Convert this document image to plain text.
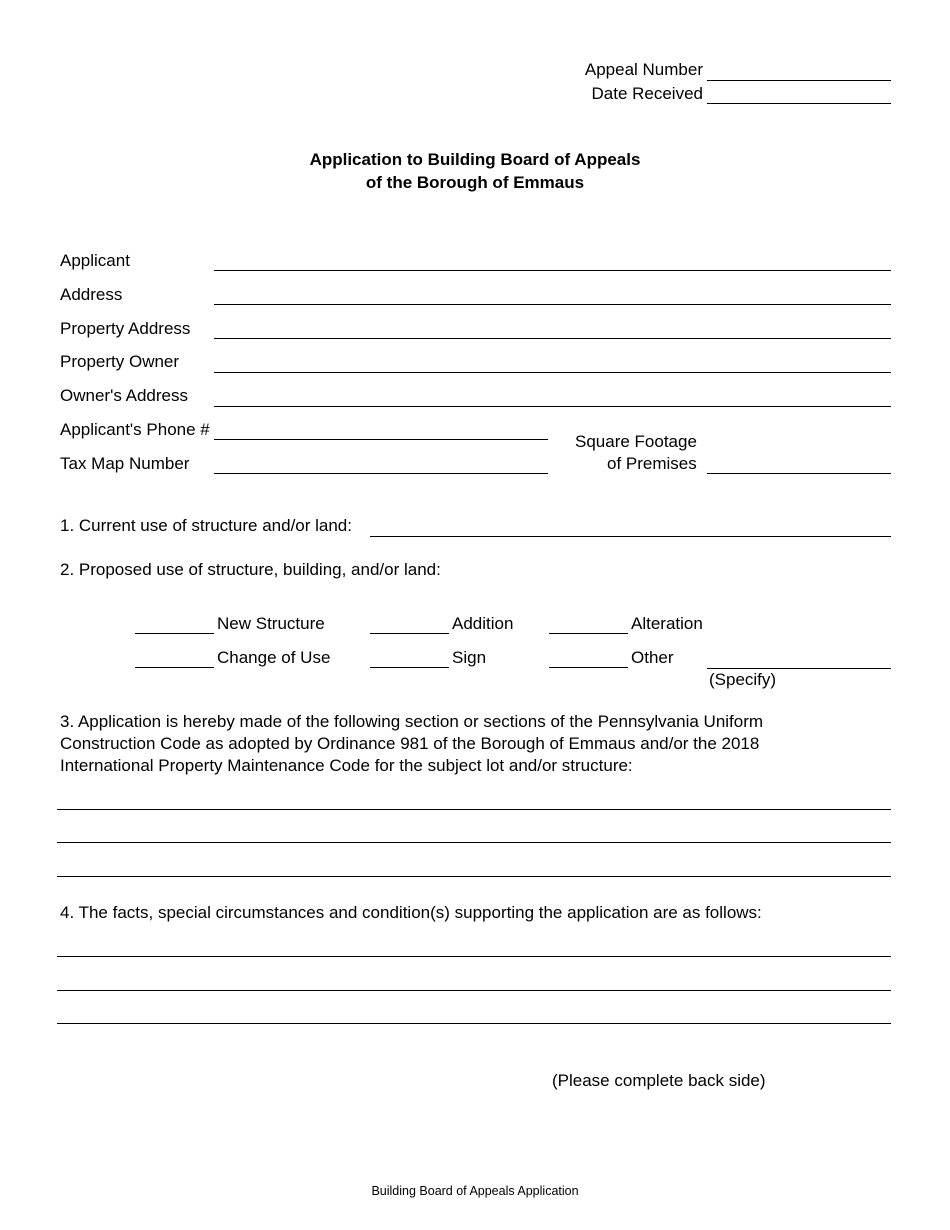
Appeal Number
Date Received
Application to Building Board of Appeals
of the Borough of Emmaus
Applicant
Address
Property Address
Property Owner
Owner's Address
Applicant's Phone #
Tax Map Number
Square Footage
of Premises
1. Current use of structure and/or land:
2. Proposed use of structure, building, and/or land:
New Structure	Addition	Alteration
Change of Use	Sign	Other
(Specify)
3. Application is hereby made of the following section or sections of the Pennsylvania Uniform
Construction Code as adopted by Ordinance 981 of the Borough of Emmaus and/or the 2018
International Property Maintenance Code for the subject lot and/or structure:
4. The facts, special circumstances and condition(s) supporting the application are as follows:
(Please complete back side)
Building Board of Appeals Application
